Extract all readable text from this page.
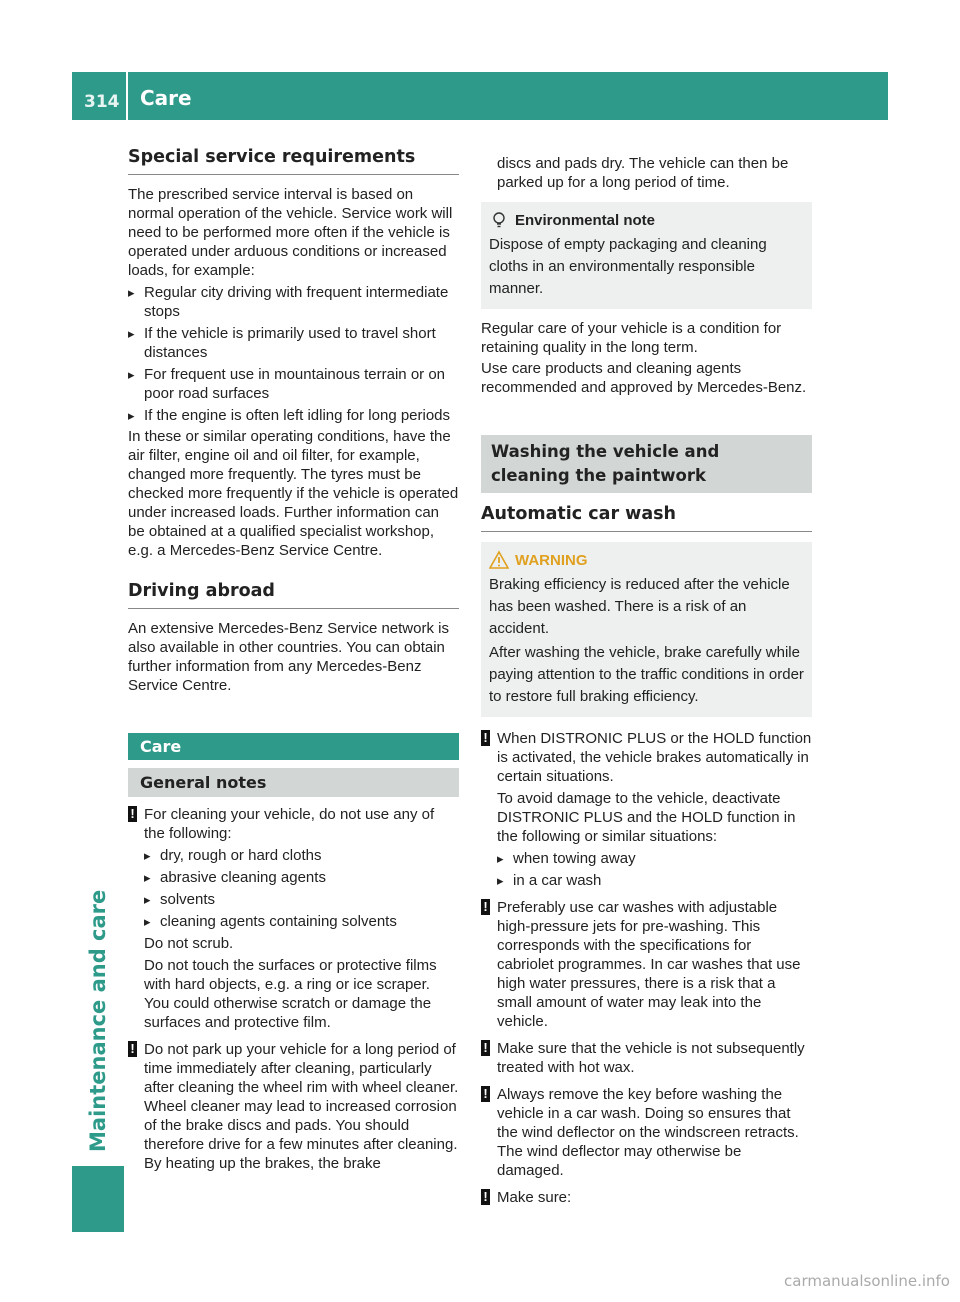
314 Care
Maintenance and care
Special service requirements

The prescribed service interval is based on normal operation of the vehicle. Service work will need to be performed more often if the vehicle is operated under arduous conditions or increased loads, for example:

▸ Regular city driving with frequent intermediate stops
▸ If the vehicle is primarily used to travel short distances
▸ For frequent use in mountainous terrain or on poor road surfaces
▸ If the engine is often left idling for long periods

In these or similar operating conditions, have the air filter, engine oil and oil filter, for example, changed more frequently. The tyres must be checked more frequently if the vehicle is operated under increased loads. Further information can be obtained at a qualified specialist workshop, e.g. a Mercedes-Benz Service Centre.

Driving abroad

An extensive Mercedes-Benz Service network is also available in other countries. You can obtain further information from any Mercedes-Benz Service Centre.

Care
General notes
! For cleaning your vehicle, do not use any of the following:

▸ dry, rough or hard cloths
▸ abrasive cleaning agents
▸ solvents
▸ cleaning agents containing solvents

Do not scrub.

Do not touch the surfaces or protective films with hard objects, e.g. a ring or ice scraper. You could otherwise scratch or damage the surfaces and protective film.

! Do not park up your vehicle for a long period of time immediately after cleaning, particularly after cleaning the wheel rim with wheel cleaner. Wheel cleaner may lead to increased corrosion of the brake discs and pads. You should therefore drive for a few minutes after cleaning. By heating up the brakes, the brake

discs and pads dry. The vehicle can then be parked up for a long period of time.

Environmental note

Dispose of empty packaging and cleaning cloths in an environmentally responsible manner.

Regular care of your vehicle is a condition for retaining quality in the long term.

Use care products and cleaning agents recommended and approved by Mercedes-Benz.

Washing the vehicle and cleaning the paintwork
Automatic car wash
WARNING

Braking efficiency is reduced after the vehicle has been washed. There is a risk of an accident.

After washing the vehicle, brake carefully while paying attention to the traffic conditions in order to restore full braking efficiency.

! When DISTRONIC PLUS or the HOLD function is activated, the vehicle brakes automatically in certain situations.

To avoid damage to the vehicle, deactivate DISTRONIC PLUS and the HOLD function in the following or similar situations:

▸ when towing away
▸ in a car wash
! Preferably use car washes with adjustable high-pressure jets for pre-washing. This corresponds with the specifications for cabriolet programmes. In car washes that use high water pressures, there is a risk that a small amount of water may leak into the vehicle.

! Make sure that the vehicle is not subsequently treated with hot wax.

! Always remove the key before washing the vehicle in a car wash. Doing so ensures that the wind deflector on the windscreen retracts. The wind deflector may otherwise be damaged.

! Make sure:

carmanualsonline.info
